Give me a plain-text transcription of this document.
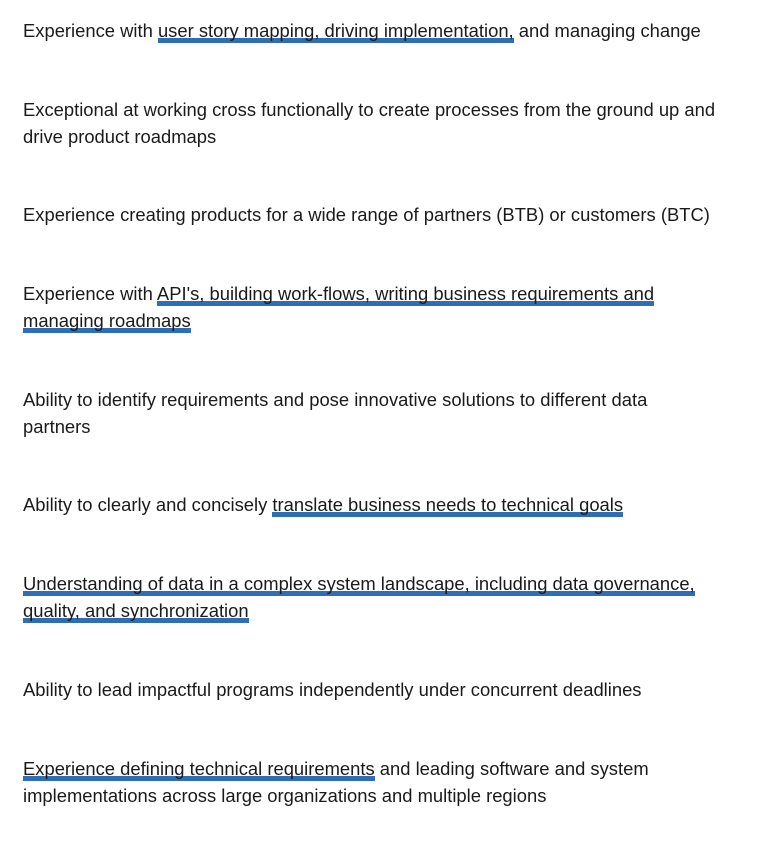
Experience with user story mapping, driving implementation, and managing change
Exceptional at working cross functionally to create processes from the ground up and drive product roadmaps
Experience creating products for a wide range of partners (BTB) or customers (BTC)
Experience with API's, building work-flows, writing business requirements and managing roadmaps
Ability to identify requirements and pose innovative solutions to different data partners
Ability to clearly and concisely translate business needs to technical goals
Understanding of data in a complex system landscape, including data governance, quality, and synchronization
Ability to lead impactful programs independently under concurrent deadlines
Experience defining technical requirements and leading software and system implementations across large organizations and multiple regions
